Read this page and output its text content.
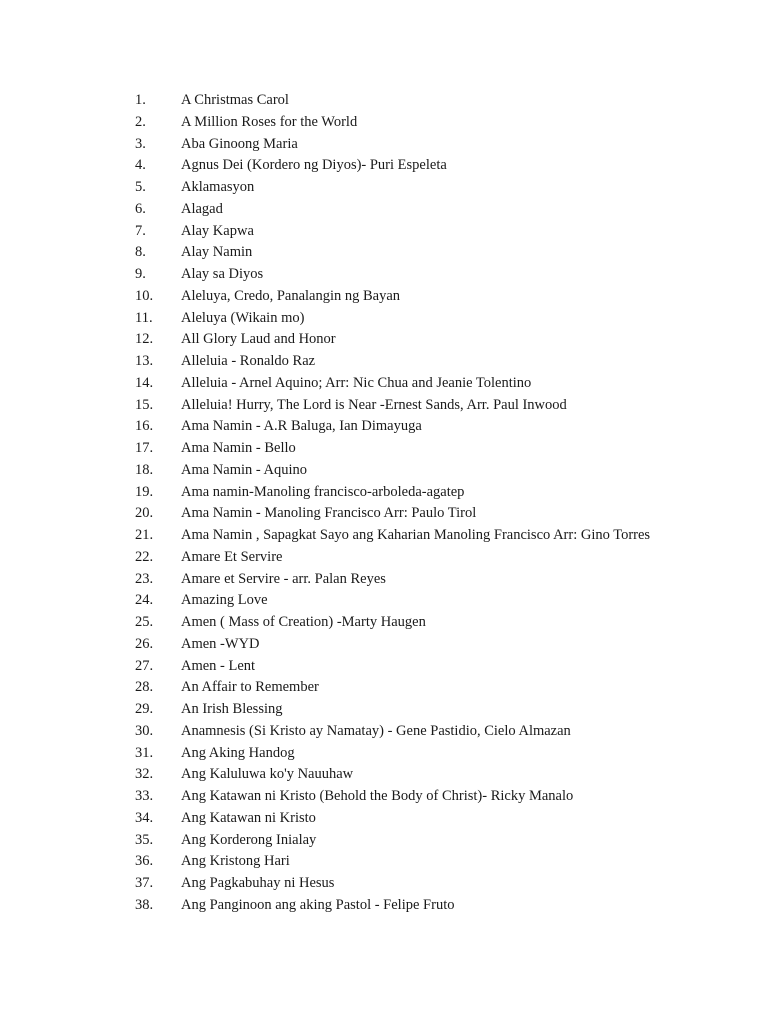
1.	A Christmas Carol
2.	A Million Roses for the World
3.	Aba Ginoong Maria
4.	Agnus Dei (Kordero ng Diyos)- Puri Espeleta
5.	Aklamasyon
6.	Alagad
7.	Alay Kapwa
8.	Alay Namin
9.	Alay sa Diyos
10.	Aleluya, Credo, Panalangin ng Bayan
11.	Aleluya (Wikain mo)
12.	All Glory Laud and Honor
13.	Alleluia - Ronaldo Raz
14.	Alleluia - Arnel Aquino; Arr: Nic Chua and Jeanie Tolentino
15.	Alleluia! Hurry, The Lord is Near -Ernest Sands, Arr. Paul Inwood
16.	Ama Namin - A.R Baluga, Ian Dimayuga
17.	Ama Namin - Bello
18.	Ama Namin - Aquino
19.	Ama namin-Manoling francisco-arboleda-agatep
20.	Ama Namin - Manoling Francisco Arr: Paulo Tirol
21.	Ama Namin , Sapagkat Sayo ang Kaharian Manoling Francisco Arr: Gino Torres
22.	Amare Et Servire
23.	Amare et Servire - arr. Palan Reyes
24.	Amazing Love
25.	Amen ( Mass of Creation) -Marty Haugen
26.	Amen -WYD
27.	Amen - Lent
28.	An Affair to Remember
29.	An Irish Blessing
30.	Anamnesis (Si Kristo ay Namatay) - Gene Pastidio, Cielo Almazan
31.	Ang Aking Handog
32.	Ang Kaluluwa ko'y Nauuhaw
33.	Ang Katawan ni Kristo (Behold the Body of Christ)- Ricky Manalo
34.	Ang Katawan ni Kristo
35.	Ang Korderong Inialay
36.	Ang Kristong Hari
37.	Ang Pagkabuhay ni Hesus
38.	Ang Panginoon ang aking Pastol - Felipe Fruto
